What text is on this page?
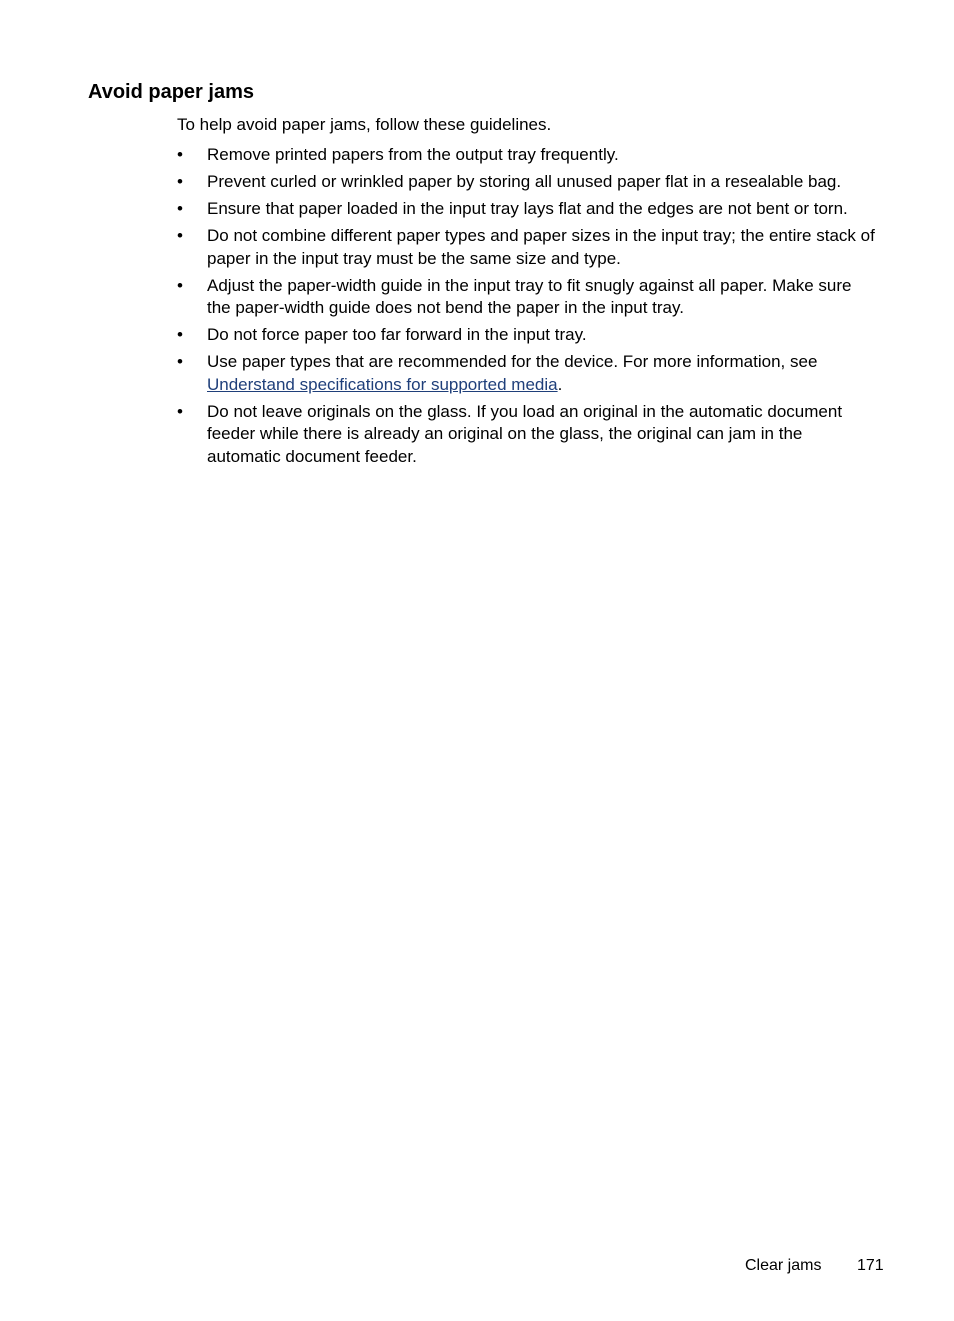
Avoid paper jams

To help avoid paper jams, follow these guidelines.

• Remove printed papers from the output tray frequently.
• Prevent curled or wrinkled paper by storing all unused paper flat in a resealable bag.
• Ensure that paper loaded in the input tray lays flat and the edges are not bent or torn.
• Do not combine different paper types and paper sizes in the input tray; the entire stack of paper in the input tray must be the same size and type.
• Adjust the paper-width guide in the input tray to fit snugly against all paper. Make sure the paper-width guide does not bend the paper in the input tray.
• Do not force paper too far forward in the input tray.
• Use paper types that are recommended for the device. For more information, see Understand specifications for supported media.
• Do not leave originals on the glass. If you load an original in the automatic document feeder while there is already an original on the glass, the original can jam in the automatic document feeder.
Clear jams 171
